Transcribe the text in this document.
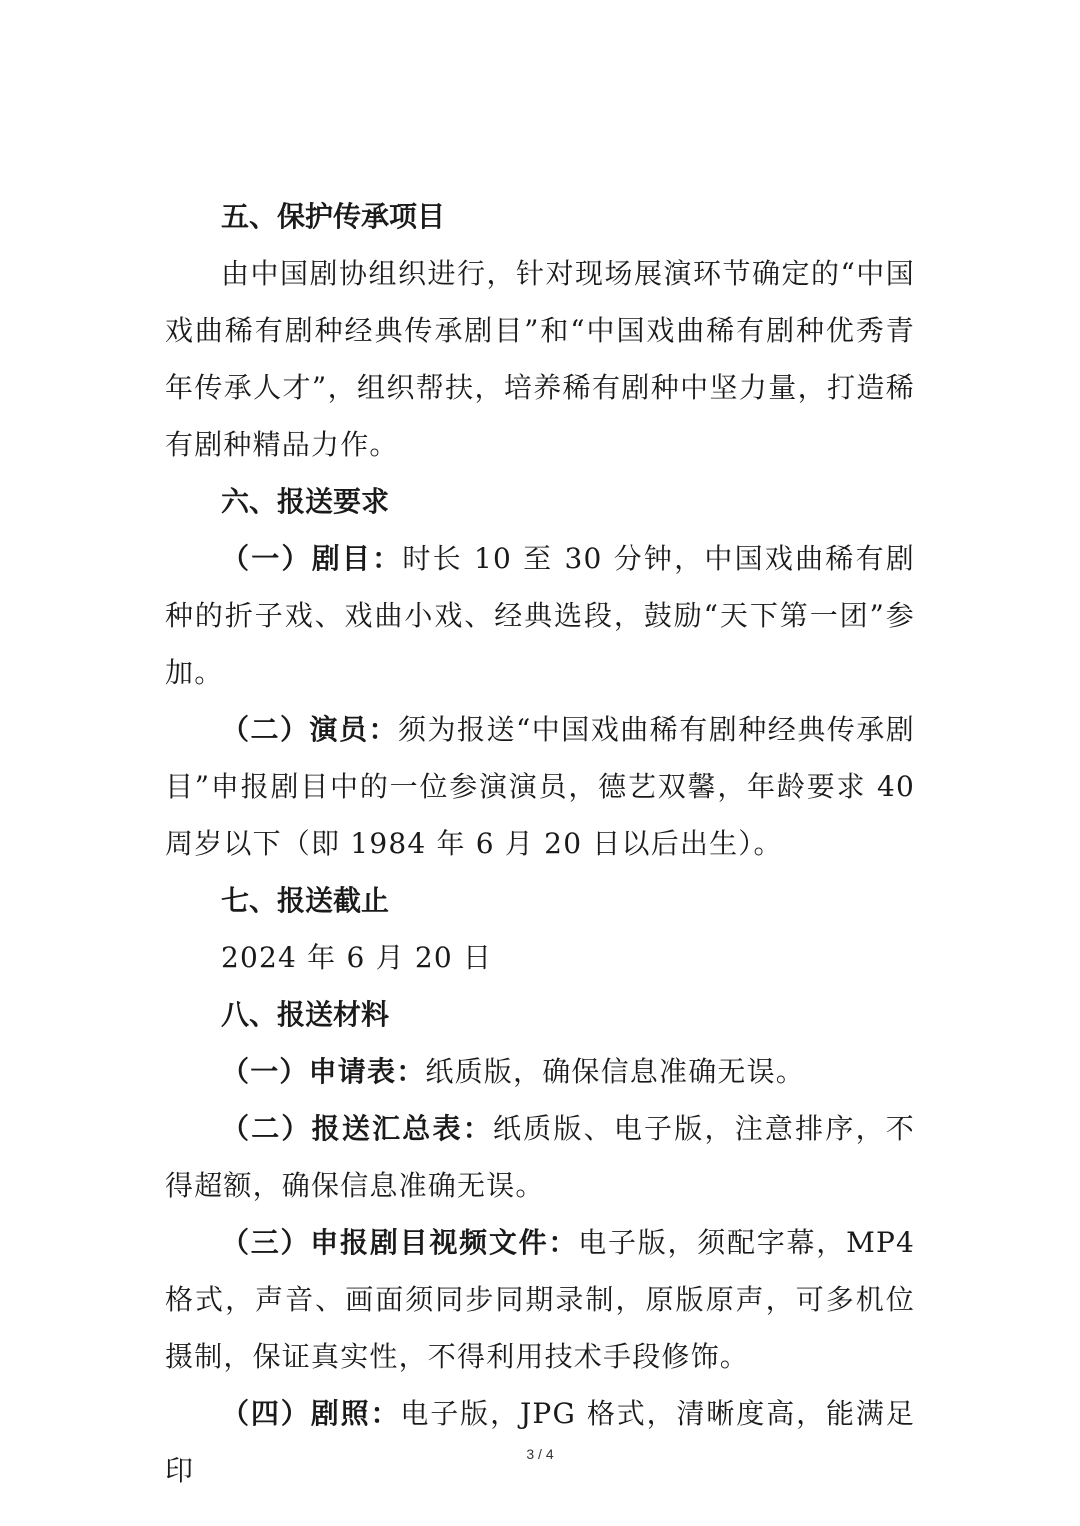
五、保护传承项目

由中国剧协组织进行，针对现场展演环节确定的“中国戏曲稀有剧种经典传承剧目”和“中国戏曲稀有剧种优秀青年传承人才”，组织帮扶，培养稀有剧种中坚力量，打造稀有剧种精品力作。

六、报送要求

（一）剧目：时长 10 至 30 分钟，中国戏曲稀有剧种的折子戏、戏曲小戏、经典选段，鼓励“天下第一团”参加。

（二）演员：须为报送“中国戏曲稀有剧种经典传承剧目”申报剧目中的一位参演演员，德艺双馨，年龄要求 40 周岁以下（即 1984 年 6 月 20 日以后出生）。

七、报送截止

2024 年 6 月 20 日

八、报送材料

（一）申请表：纸质版，确保信息准确无误。

（二）报送汇总表：纸质版、电子版，注意排序，不得超额，确保信息准确无误。

（三）申报剧目视频文件：电子版，须配字幕，MP4 格式，声音、画面须同步同期录制，原版原声，可多机位摄制，保证真实性，不得利用技术手段修饰。

（四）剧照：电子版，JPG 格式，清晰度高，能满足印	3 / 4
